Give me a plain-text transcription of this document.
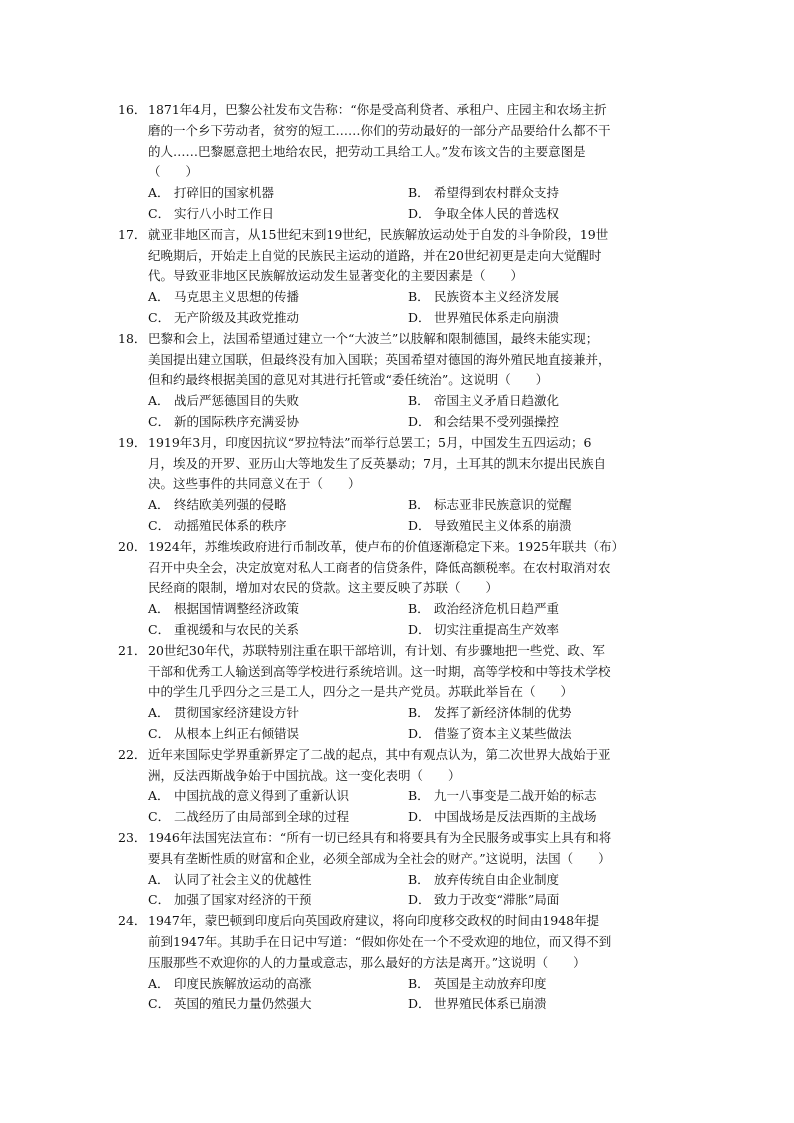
16． 1871年4月，巴黎公社发布文告称：“你是受高利贷者、承租户、庄园主和农场主折
磨的一个乡下劳动者，贫穷的短工……你们的劳动最好的一部分产品要给什么都不干
的人……巴黎愿意把土地给农民，把劳动工具给工人。”发布该文告的主要意图是
（　　）
A． 打碎旧的国家机器	B． 希望得到农村群众支持
C． 实行八小时工作日	D． 争取全体人民的普选权
17． 就亚非地区而言，从15世纪末到19世纪，民族解放运动处于自发的斗争阶段，19世
纪晚期后，开始走上自觉的民族民主运动的道路，并在20世纪初更是走向大觉醒时
代。导致亚非地区民族解放运动发生显著变化的主要因素是（　　）
A． 马克思主义思想的传播	B． 民族资本主义经济发展
C． 无产阶级及其政党推动	D． 世界殖民体系走向崩溃
18． 巴黎和会上，法国希望通过建立一个“大波兰”以肢解和限制德国，最终未能实现；
美国提出建立国联，但最终没有加入国联；英国希望对德国的海外殖民地直接兼并，
但和约最终根据美国的意见对其进行托管或“委任统治”。这说明（　　）
A． 战后严惩德国目的失败	B． 帝国主义矛盾日趋激化
C． 新的国际秩序充满妥协	D． 和会结果不受列强操控
19． 1919年3月，印度因抗议“罗拉特法”而举行总罢工；5月，中国发生五四运动；6
月，埃及的开罗、亚历山大等地发生了反英暴动；7月，土耳其的凯末尔提出民族自
决。这些事件的共同意义在于（　　）
A． 终结欧美列强的侵略	B． 标志亚非民族意识的觉醒
C． 动摇殖民体系的秩序	D． 导致殖民主义体系的崩溃
20． 1924年，苏维埃政府进行币制改革，使卢布的价值逐渐稳定下来。1925年联共（布）
召开中央全会，决定放宽对私人工商者的信贷条件，降低高额税率。在农村取消对农
民经商的限制，增加对农民的贷款。这主要反映了苏联（　　）
A． 根据国情调整经济政策	B． 政治经济危机日趋严重
C． 重视缓和与农民的关系	D． 切实注重提高生产效率
21． 20世纪30年代，苏联特别注重在职干部培训，有计划、有步骤地把一些党、政、军
干部和优秀工人输送到高等学校进行系统培训。这一时期，高等学校和中等技术学校
中的学生几乎四分之三是工人，四分之一是共产党员。苏联此举旨在（　　）
A． 贯彻国家经济建设方针	B． 发挥了新经济体制的优势
C． 从根本上纠正右倾错误	D． 借鉴了资本主义某些做法
22． 近年来国际史学界重新界定了二战的起点，其中有观点认为，第二次世界大战始于亚
洲，反法西斯战争始于中国抗战。这一变化表明（　　）
A． 中国抗战的意义得到了重新认识	B． 九一八事变是二战开始的标志
C． 二战经历了由局部到全球的过程	D． 中国战场是反法西斯的主战场
23． 1946年法国宪法宣布：“所有一切已经具有和将要具有为全民服务或事实上具有和将
要具有垄断性质的财富和企业，必须全部成为全社会的财产。”这说明，法国（　　）
A． 认同了社会主义的优越性	B． 放弃传统自由企业制度
C． 加强了国家对经济的干预	D． 致力于改变“滞胀”局面
24． 1947年，蒙巴顿到印度后向英国政府建议，将向印度移交政权的时间由1948年提
前到1947年。其助手在日记中写道：“假如你处在一个不受欢迎的地位，而又得不到
压服那些不欢迎你的人的力量或意志，那么最好的方法是离开。”这说明（　　）
A． 印度民族解放运动的高涨	B． 英国是主动放弃印度
C． 英国的殖民力量仍然强大	D． 世界殖民体系已崩溃
